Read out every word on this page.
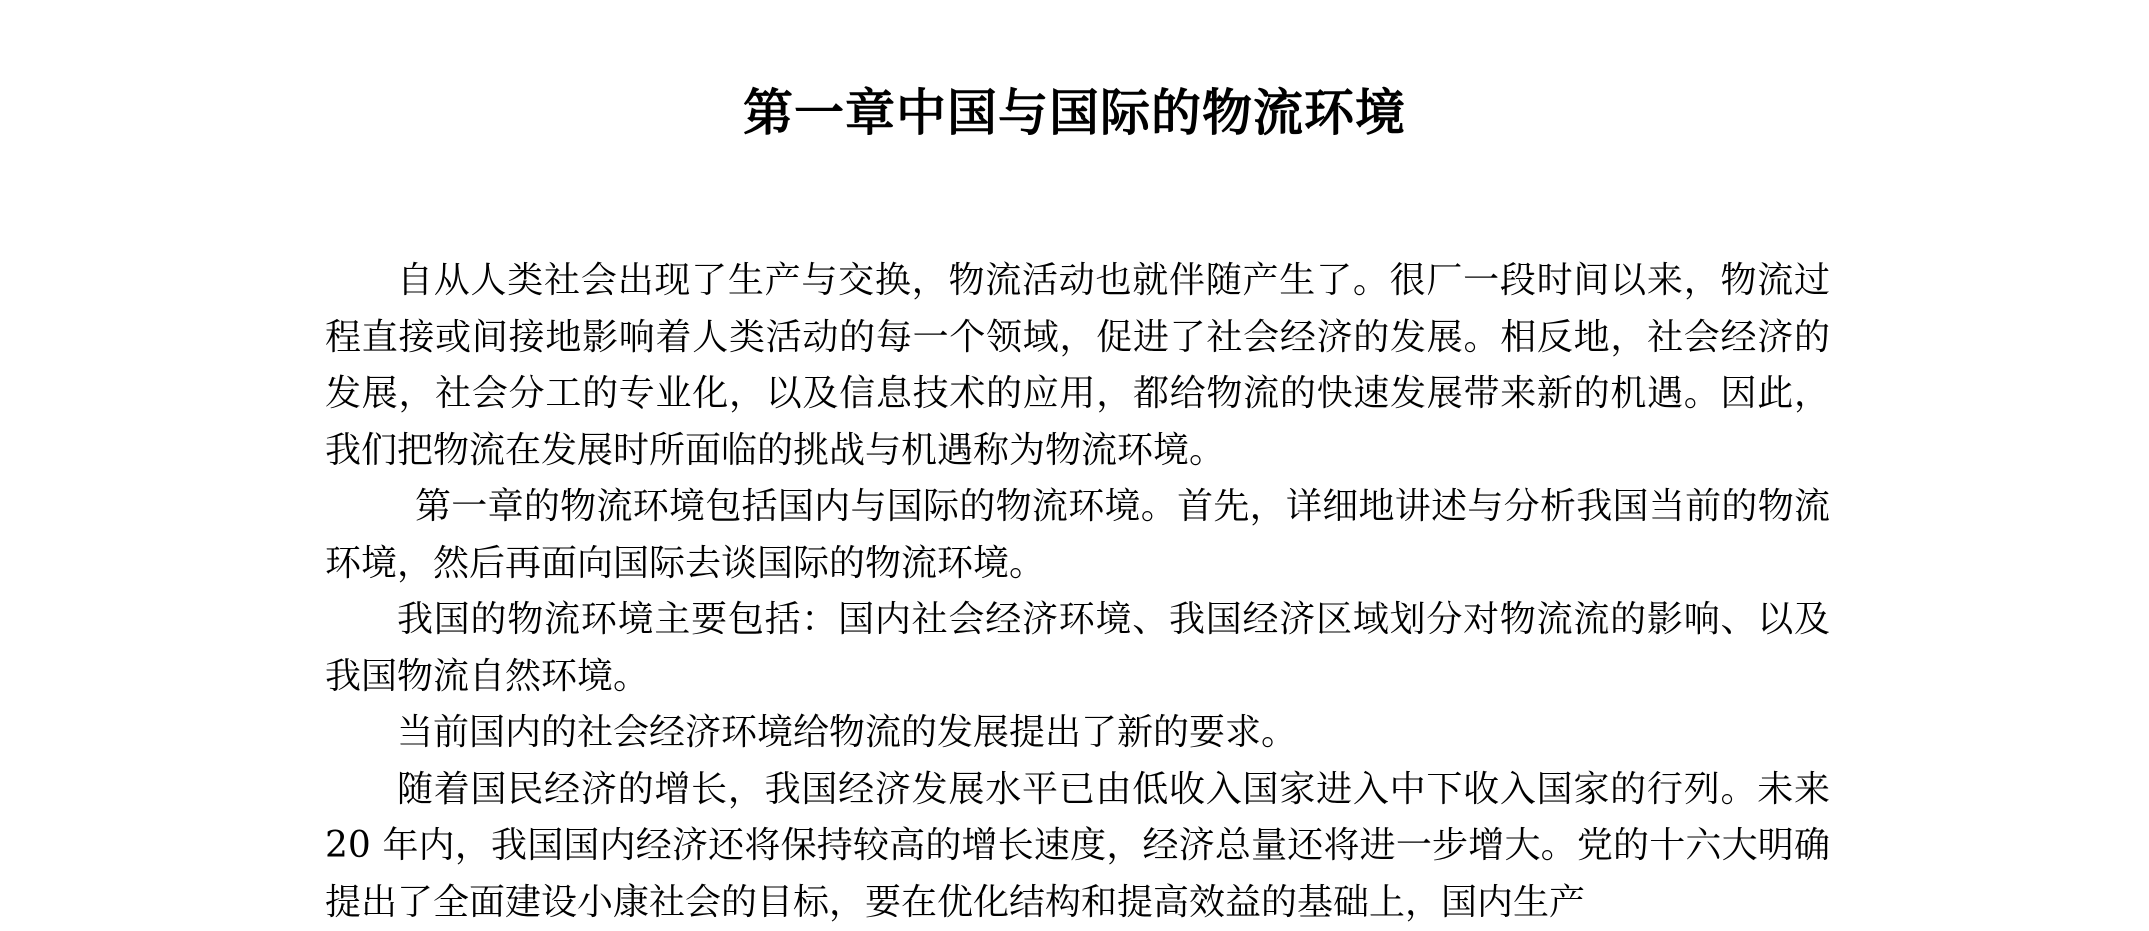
第一章中国与国际的物流环境

自从人类社会出现了生产与交换，物流活动也就伴随产生了。很厂一段时间以来，物流过程直接或间接地影响着人类活动的每一个领域，促进了社会经济的发展。相反地，社会经济的发展，社会分工的专业化，以及信息技术的应用，都给物流的快速发展带来新的机遇。因此，我们把物流在发展时所面临的挑战与机遇称为物流环境。

第一章的物流环境包括国内与国际的物流环境。首先，详细地讲述与分析我国当前的物流环境，然后再面向国际去谈国际的物流环境。

我国的物流环境主要包括：国内社会经济环境、我国经济区域划分对物流流的影响、以及我国物流自然环境。

当前国内的社会经济环境给物流的发展提出了新的要求。

随着国民经济的增长，我国经济发展水平已由低收入国家进入中下收入国家的行列。未来 20 年内，我国国内经济还将保持较高的增长速度，经济总量还将进一步增大。党的十六大明确提出了全面建设小康社会的目标，要在优化结构和提高效益的基础上，国内生产
